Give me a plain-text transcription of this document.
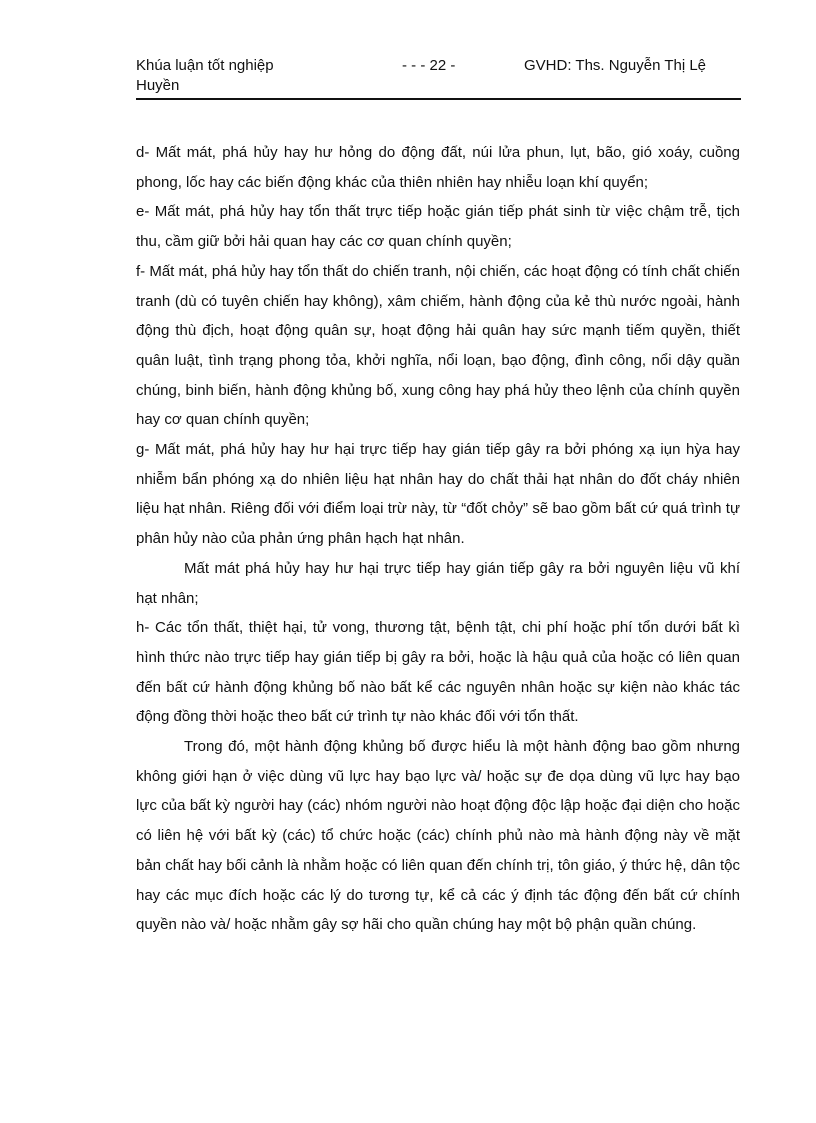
Khúa luận tốt nghiệp	- - - 22 -	GVHD: Ths. Nguyễn Thị Lệ
Huyền

d- Mất mát, phá hủy hay hư hỏng do động đất, núi lửa phun, lụt, bão, gió xoáy, cuồng phong, lốc hay các biến động khác của thiên nhiên hay nhiễu loạn khí quyển;

e- Mất mát, phá hủy hay tổn thất trực tiếp hoặc gián tiếp phát sinh từ việc chậm trễ, tịch thu, cầm giữ bởi hải quan hay các cơ quan chính quyền;

f- Mất mát, phá hủy hay tổn thất do chiến tranh, nội chiến, các hoạt động có tính chất chiến tranh (dù có tuyên chiến hay không), xâm chiếm, hành động của kẻ thù nước ngoài, hành động thù địch, hoạt động quân sự, hoạt động hải quân hay sức mạnh tiếm quyền, thiết quân luật, tình trạng phong tỏa, khởi nghĩa, nổi loạn, bạo động, đình công, nổi dậy quần chúng, binh biến, hành động khủng bố, xung công hay phá hủy theo lệnh của chính quyền hay cơ quan chính quyền;

g- Mất mát, phá hủy hay hư hại trực tiếp hay gián tiếp gây ra bởi phóng xạ iụn hỳa hay nhiễm bẩn phóng xạ do nhiên liệu hạt nhân hay do chất thải hạt nhân do đốt cháy nhiên liệu hạt nhân. Riêng đối với điểm loại trừ này, từ “đốt chỏy” sẽ bao gồm bất cứ quá trình tự phân hủy nào của phản ứng phân hạch hạt nhân.

Mất mát phá hủy hay hư hại trực tiếp hay gián tiếp gây ra bởi nguyên liệu vũ khí hạt nhân;

h- Các tổn thất, thiệt hại, tử vong, thương tật, bệnh tật, chi phí hoặc phí tổn dưới bất kì hình thức nào trực tiếp hay gián tiếp bị gây ra bởi, hoặc là hậu quả của hoặc có liên quan đến bất cứ hành động khủng bố nào bất kể các nguyên nhân hoặc sự kiện nào khác tác động đồng thời hoặc theo bất cứ trình tự nào khác đối với tổn thất.

Trong đó, một hành động khủng bố được hiểu là một hành động bao gồm nhưng không giới hạn ở việc dùng vũ lực hay bạo lực và/ hoặc sự đe dọa dùng vũ lực hay bạo lực của bất kỳ người hay (các) nhóm người nào hoạt động độc lập hoặc đại diện cho hoặc có liên hệ với bất kỳ (các) tổ chức hoặc (các) chính phủ nào mà hành động này về mặt bản chất hay bối cảnh là nhằm hoặc có liên quan đến chính trị, tôn giáo, ý thức hệ, dân tộc hay các mục đích hoặc các lý do tương tự, kể cả các ý định tác động đến bất cứ chính quyền nào và/ hoặc nhằm gây sợ hãi cho quần chúng hay một bộ phận quần chúng.
